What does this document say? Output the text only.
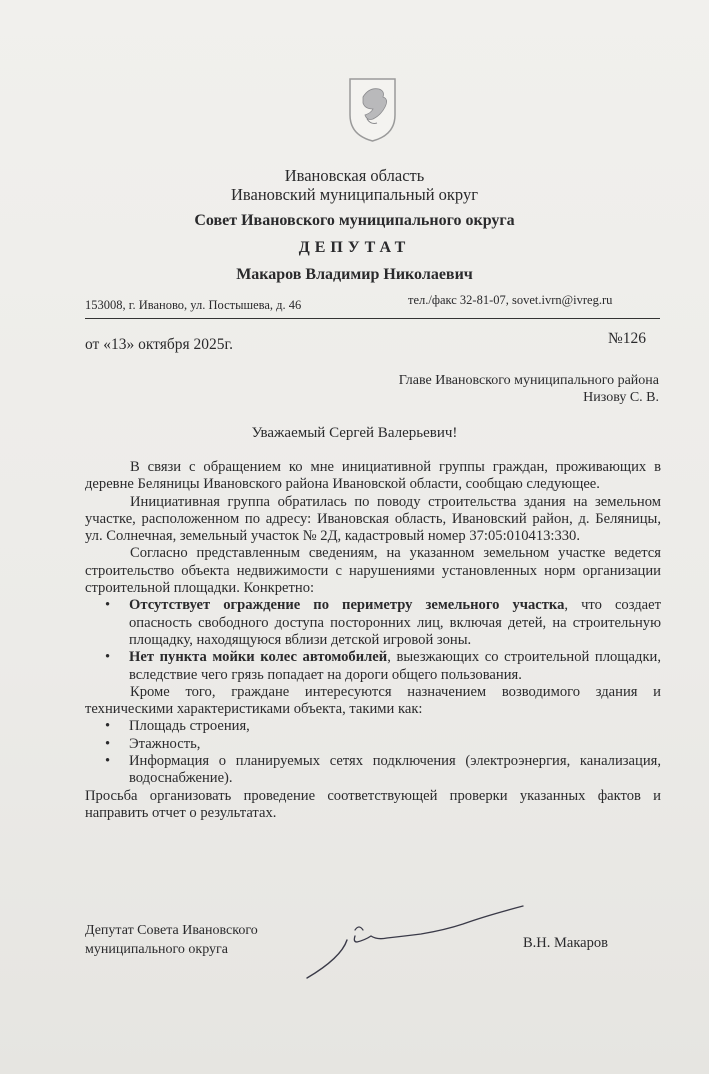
Ивановская область
Ивановский муниципальный округ
Совет Ивановского муниципального округа
ДЕПУТАТ
Макаров Владимир Николаевич
153008, г. Иваново, ул. Постышева, д. 46	тел./факс 32-81-07, sovet.ivrn@ivreg.ru
от «13» октября 2025г.	№126
Главе Ивановского муниципального района
Низову С. В.
Уважаемый Сергей Валерьевич!

В связи с обращением ко мне инициативной группы граждан, проживающих в деревне Беляницы Ивановского района Ивановской области, сообщаю следующее.

Инициативная группа обратилась по поводу строительства здания на земельном участке, расположенном по адресу: Ивановская область, Ивановский район, д. Беляницы, ул. Солнечная, земельный участок № 2Д, кадастровый номер 37:05:010413:330.

Согласно представленным сведениям, на указанном земельном участке ведется строительство объекта недвижимости с нарушениями установленных норм организации строительной площадки. Конкретно:

• Отсутствует ограждение по периметру земельного участка, что создает опасность свободного доступа посторонних лиц, включая детей, на строительную площадку, находящуюся вблизи детской игровой зоны.
• Нет пункта мойки колес автомобилей, выезжающих со строительной площадки, вследствие чего грязь попадает на дороги общего пользования.

Кроме того, граждане интересуются назначением возводимого здания и техническими характеристиками объекта, такими как:

• Площадь строения,
• Этажность,
• Информация о планируемых сетях подключения (электроэнергия, канализация, водоснабжение).

Просьба организовать проведение соответствующей проверки указанных фактов и направить отчет о результатах.

Депутат Совета Ивановского
муниципального округа	В.Н. Макаров
